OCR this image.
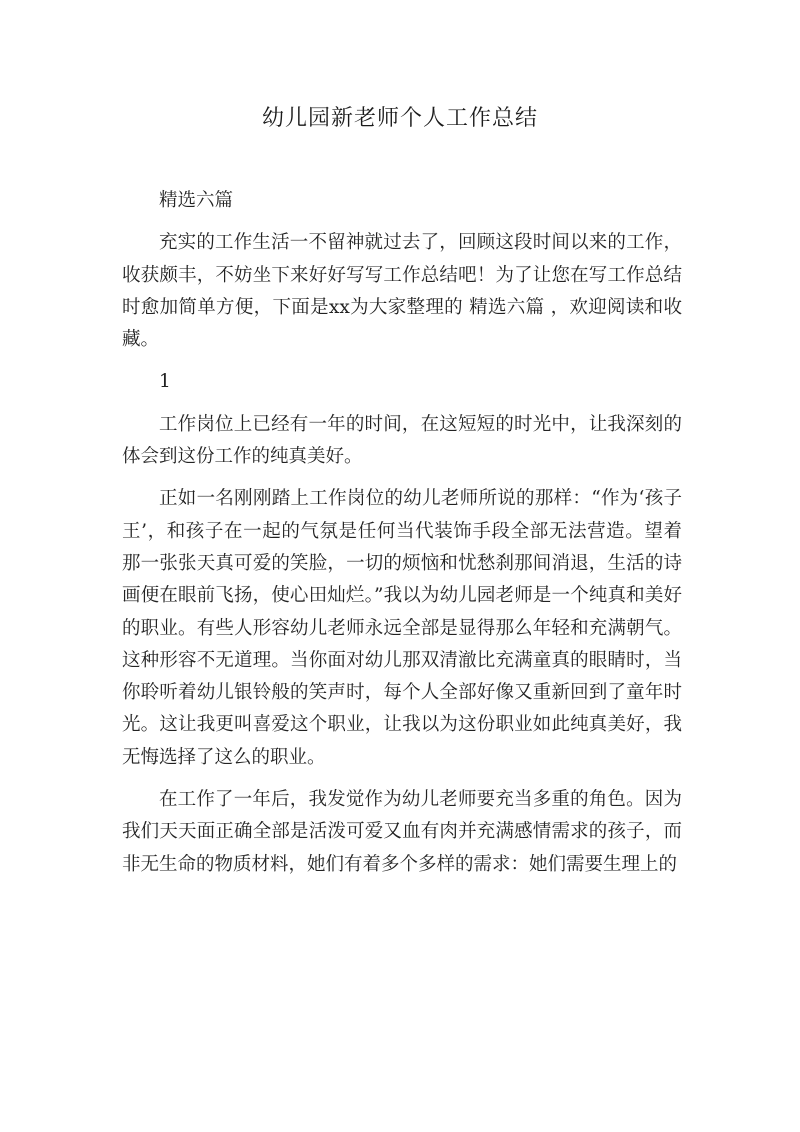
幼儿园新老师个人工作总结

精选六篇

充实的工作生活一不留神就过去了，回顾这段时间以来的工作，收获颇丰，不妨坐下来好好写写工作总结吧！为了让您在写工作总结时愈加简单方便，下面是xx为大家整理的 精选六篇 ，欢迎阅读和收藏。

1

工作岗位上已经有一年的时间，在这短短的时光中，让我深刻的体会到这份工作的纯真美好。

正如一名刚刚踏上工作岗位的幼儿老师所说的那样：“作为‘孩子王’，和孩子在一起的气氛是任何当代装饰手段全部无法营造。望着那一张张天真可爱的笑脸，一切的烦恼和忧愁刹那间消退，生活的诗画便在眼前飞扬，使心田灿烂。”我以为幼儿园老师是一个纯真和美好的职业。有些人形容幼儿老师永远全部是显得那么年轻和充满朝气。这种形容不无道理。当你面对幼儿那双清澈比充满童真的眼睛时，当你聆听着幼儿银铃般的笑声时，每个人全部好像又重新回到了童年时光。这让我更叫喜爱这个职业，让我以为这份职业如此纯真美好，我无悔选择了这么的职业。

在工作了一年后，我发觉作为幼儿老师要充当多重的角色。因为我们天天面正确全部是活泼可爱又血有肉并充满感情需求的孩子，而非无生命的物质材料，她们有着多个多样的需求：她们需要生理上的
